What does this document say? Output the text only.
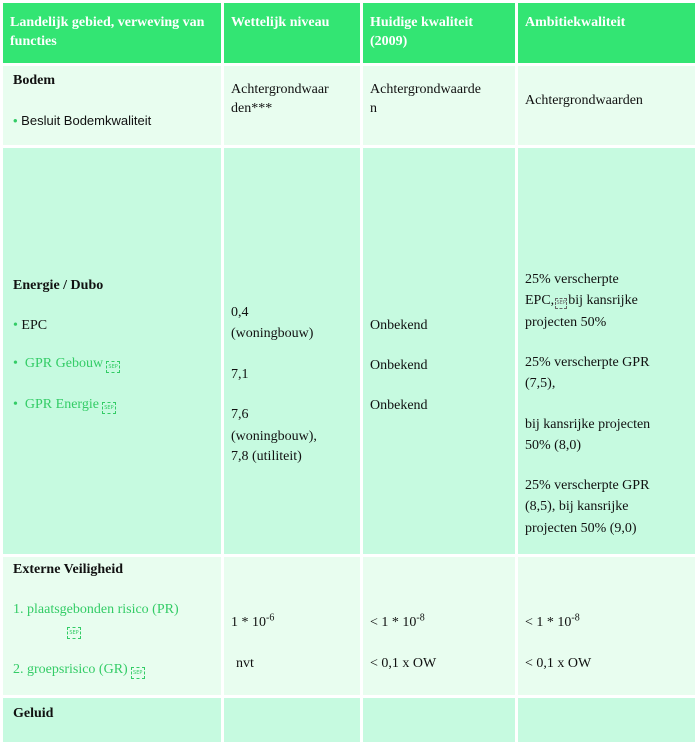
Landelijk gebied, verweving van functies
Wettelijk niveau	Huidige kwaliteit (2009)
Ambitiekwaliteit
Bodem
• Besluit Bodemkwaliteit
Achtergrondwaar
den***
Achtergrondwaarde
n
Achtergrondwaarden
Energie / Dubo
• EPC
•  GPR Gebouw SEP
•  GPR Energie SEP
0,4
(woningbouw)
7,1
7,6
(woningbouw),
7,8 (utiliteit)
Onbekend
Onbekend
Onbekend
25% verscherpte
EPC, SEP bij kansrijke
projecten 50%
25% verscherpte GPR
(7,5),
bij kansrijke projecten
50% (8,0)
25% verscherpte GPR
(8,5), bij kansrijke
projecten 50% (9,0)
Externe Veiligheid
1. plaatsgebonden risico (PR)
SEP
2. groepsrisico (GR) SEP
$1 * 10^{-6}$
nvt
< $1 * 10^{-8}$
< 0,1 x OW
< $1 * 10^{-8}$
< 0,1 x OW
Geluid
